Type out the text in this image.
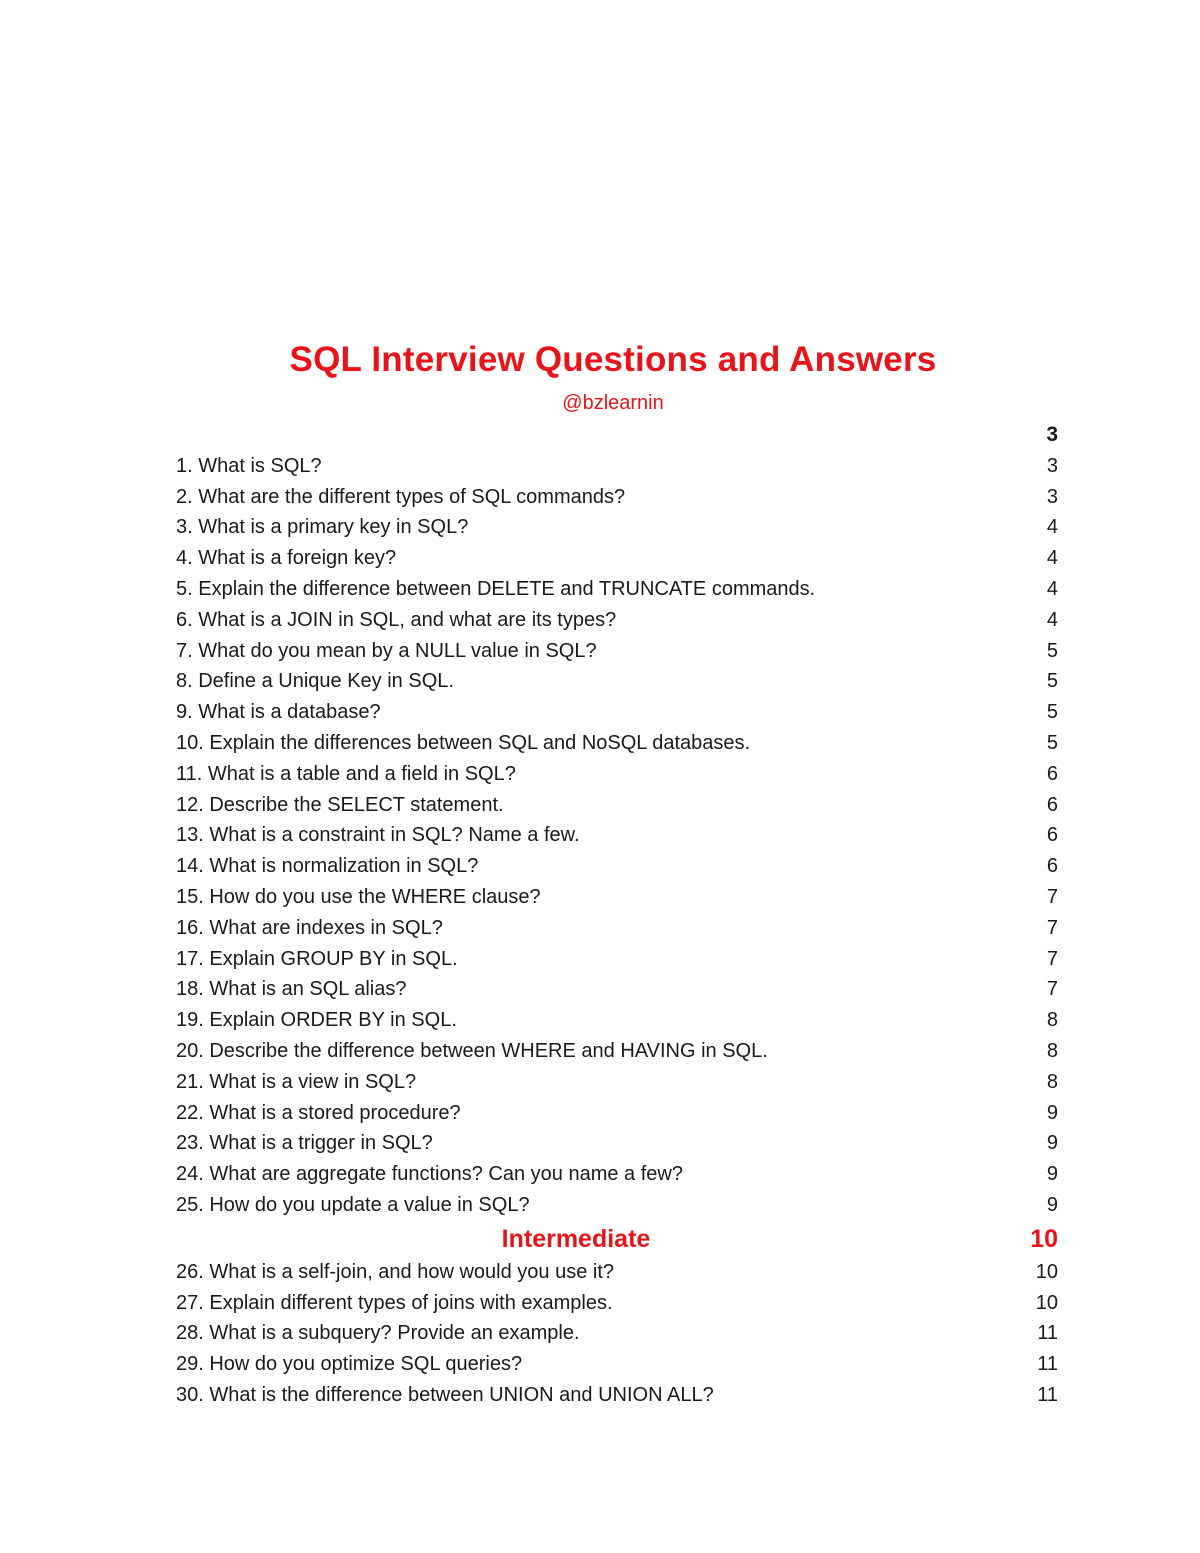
SQL Interview Questions and Answers
@bzlearnin
3
1. What is SQL?	3
2. What are the different types of SQL commands?	3
3. What is a primary key in SQL?	4
4. What is a foreign key?	4
5. Explain the difference between DELETE and TRUNCATE commands.	4
6. What is a JOIN in SQL, and what are its types?	4
7. What do you mean by a NULL value in SQL?	5
8. Define a Unique Key in SQL.	5
9. What is a database?	5
10. Explain the differences between SQL and NoSQL databases.	5
11. What is a table and a field in SQL?	6
12. Describe the SELECT statement.	6
13. What is a constraint in SQL? Name a few.	6
14. What is normalization in SQL?	6
15. How do you use the WHERE clause?	7
16. What are indexes in SQL?	7
17. Explain GROUP BY in SQL.	7
18. What is an SQL alias?	7
19. Explain ORDER BY in SQL.	8
20. Describe the difference between WHERE and HAVING in SQL.	8
21. What is a view in SQL?	8
22. What is a stored procedure?	9
23. What is a trigger in SQL?	9
24. What are aggregate functions? Can you name a few?	9
25. How do you update a value in SQL?	9
Intermediate	10
26. What is a self-join, and how would you use it?	10
27. Explain different types of joins with examples.	10
28. What is a subquery? Provide an example.	11
29. How do you optimize SQL queries?	11
30. What is the difference between UNION and UNION ALL?	11
